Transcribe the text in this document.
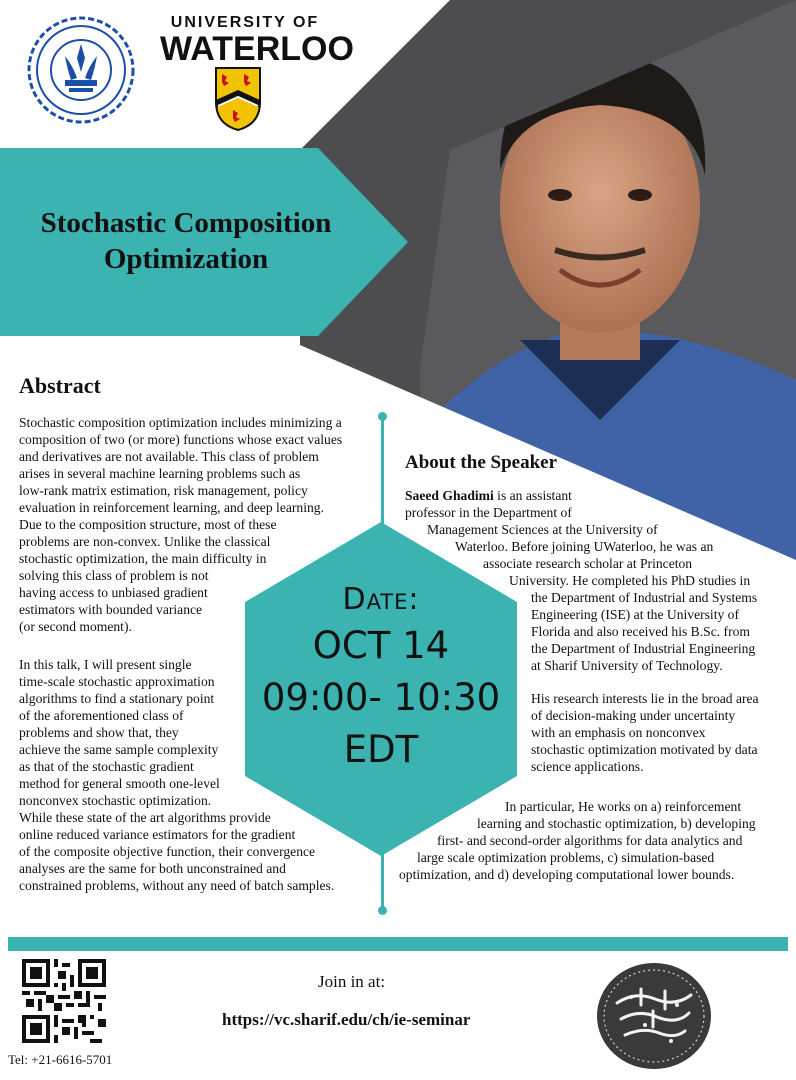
UNIVERSITY OF
WATERLOO
Stochastic Composition
Optimization
Abstract
Stochastic composition optimization includes minimizing a
composition of two (or more) functions whose exact values
and derivatives are not available. This class of problem
arises in several machine learning problems such as
low-rank matrix estimation, risk management, policy
evaluation in reinforcement learning, and deep learning.
Due to the composition structure, most of these
problems are non-convex. Unlike the classical
stochastic optimization, the main difficulty in
solving this class of problem is not
having access to unbiased gradient
estimators with bounded variance
(or second moment).
In this talk, I will present single
time-scale stochastic approximation
algorithms to find a stationary point
of the aforementioned class of
problems and show that, they
achieve the same sample complexity
as that of the stochastic gradient
method for general smooth one-level
nonconvex stochastic optimization.
While these state of the art algorithms provide
online reduced variance estimators for the gradient
of the composite objective function, their convergence
analyses are the same for both unconstrained and
constrained problems, without any need of batch samples.
About the Speaker
Saeed Ghadimi is an assistant
professor in the Department of
Management Sciences at the University of
Waterloo. Before joining UWaterloo, he was an
associate research scholar at Princeton
University. He completed his PhD studies in
the Department of Industrial and Systems
Engineering (ISE) at the University of
Florida and also received his B.Sc. from
the Department of Industrial Engineering
at Sharif University of Technology.
His research interests lie in the broad area
of decision-making under uncertainty
with an emphasis on nonconvex
stochastic optimization motivated by data
science applications.
In particular, He works on a) reinforcement
learning and stochastic optimization, b) developing
first- and second-order algorithms for data analytics and
large scale optimization problems, c) simulation-based
optimization, and d) developing computational lower bounds.
Date:
OCT 14
09:00- 10:30
EDT
Tel: +21-6616-5701
Join in at:
https://vc.sharif.edu/ch/ie-seminar
